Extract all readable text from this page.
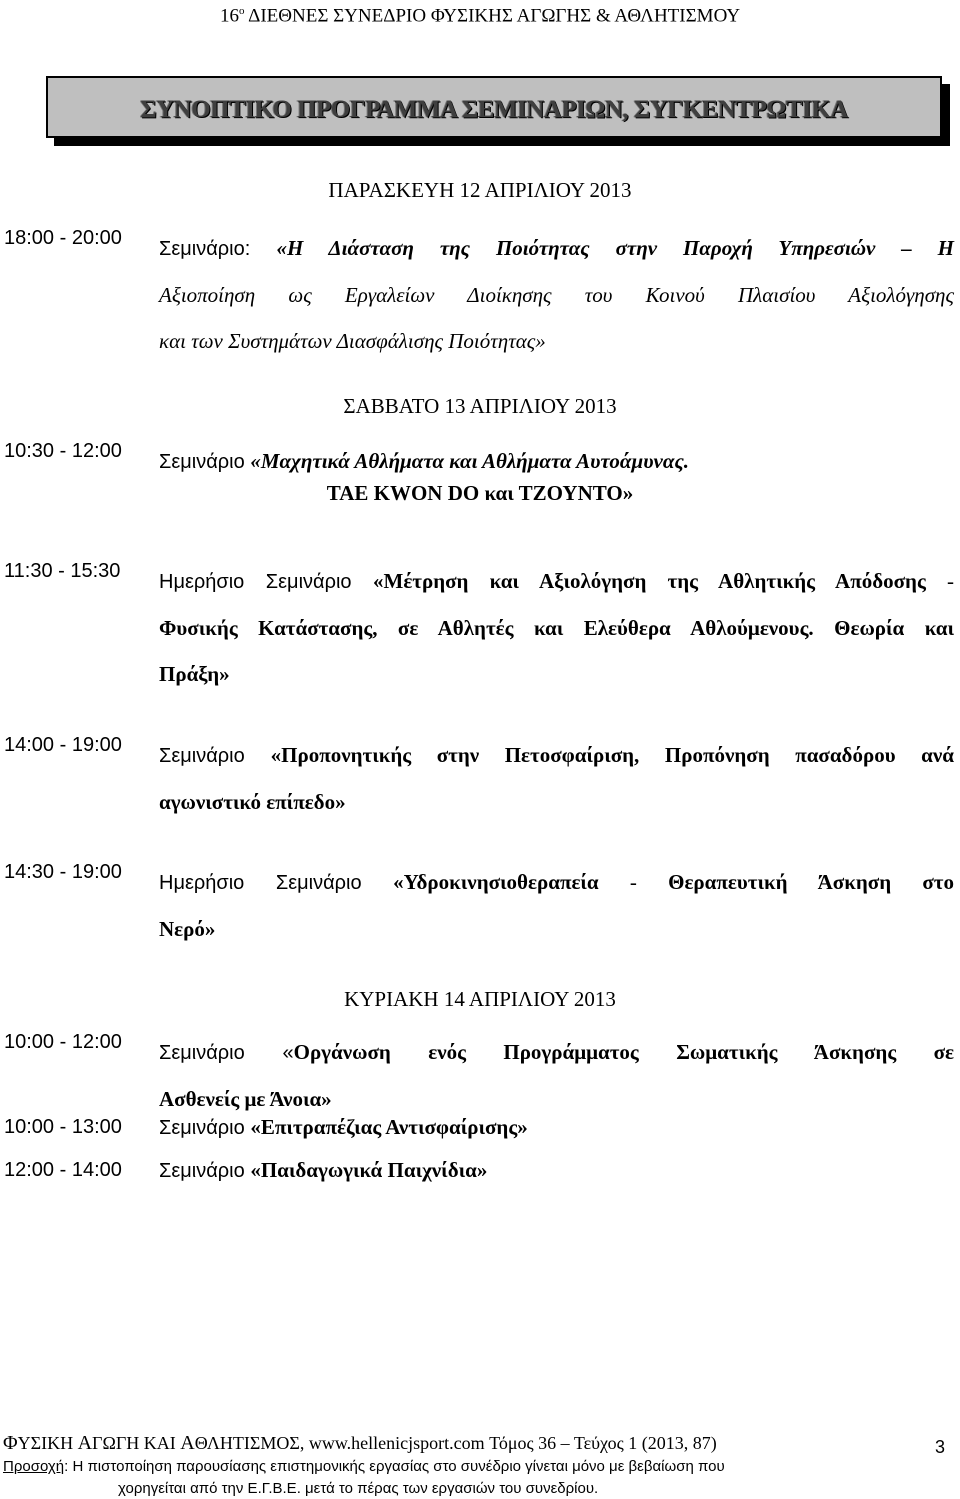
$16^o$ ΔΙΕΘΝΕΣ ΣΥΝΕΔΡΙΟ ΦΥΣΙΚΗΣ ΑΓΩΓΗΣ & ΑΘΛΗΤΙΣΜΟΥ
ΣΥΝΟΠΤΙΚΟ ΠΡΟΓΡΑΜΜΑ ΣΕΜΙΝΑΡΙΩΝ, ΣΥΓΚΕΝΤΡΩΤΙΚΑ
ΠΑΡΑΣΚΕΥΗ 12 ΑΠΡΙΛΙΟΥ 2013
18:00 - 20:00	Σεμινάριο: «Η Διάσταση της Ποιότητας στην Παροχή Υπηρεσιών – Η
Αξιοποίηση ως Εργαλείων Διοίκησης του Κοινού Πλαισίου Αξιολόγησης
και των Συστημάτων Διασφάλισης Ποιότητας»
ΣΑΒΒΑΤΟ 13 ΑΠΡΙΛΙΟΥ 2013
10:30 - 12:00	Σεμινάριο «Μαχητικά Αθλήματα και Αθλήματα Αυτοάμυνας.
TAE KWON DO και ΤΖΟΥΝΤΟ»
11:30 - 15:30	Ημερήσιο Σεμινάριο «Μέτρηση και Αξιολόγηση της Αθλητικής Απόδοσης -
Φυσικής Κατάστασης, σε Αθλητές και Ελεύθερα Αθλούμενους. Θεωρία και
Πράξη»
14:00 - 19:00	Σεμινάριο «Προπονητικής στην Πετοσφαίριση, Προπόνηση πασαδόρου ανά
αγωνιστικό επίπεδο»
14:30 - 19:00	Ημερήσιο Σεμινάριο «Υδροκινησιοθεραπεία - Θεραπευτική Άσκηση στο
Νερό»
ΚΥΡΙΑΚΗ 14 ΑΠΡΙΛΙΟΥ 2013
10:00 - 12:00	Σεμινάριο «Οργάνωση ενός Προγράμματος Σωματικής Άσκησης σε
Ασθενείς με Άνοια»
10:00 - 13:00	Σεμινάριο «Επιτραπέζιας Αντισφαίρισης»
12:00 - 14:00	Σεμινάριο «Παιδαγωγικά Παιχνίδια»
ΦΥΣΙΚΗ ΑΓΩΓΗ ΚΑΙ ΑΘΛΗΤΙΣΜΟΣ, www.hellenicjsport.com Τόμος 36 – Τεύχος 1 (2013, 87)	3
Προσοχή: Η πιστοποίηση παρουσίασης επιστημονικής εργασίας στο συνέδριο γίνεται μόνο με βεβαίωση που
χορηγείται από την Ε.Γ.Β.Ε. μετά το πέρας των εργασιών του συνεδρίου.
